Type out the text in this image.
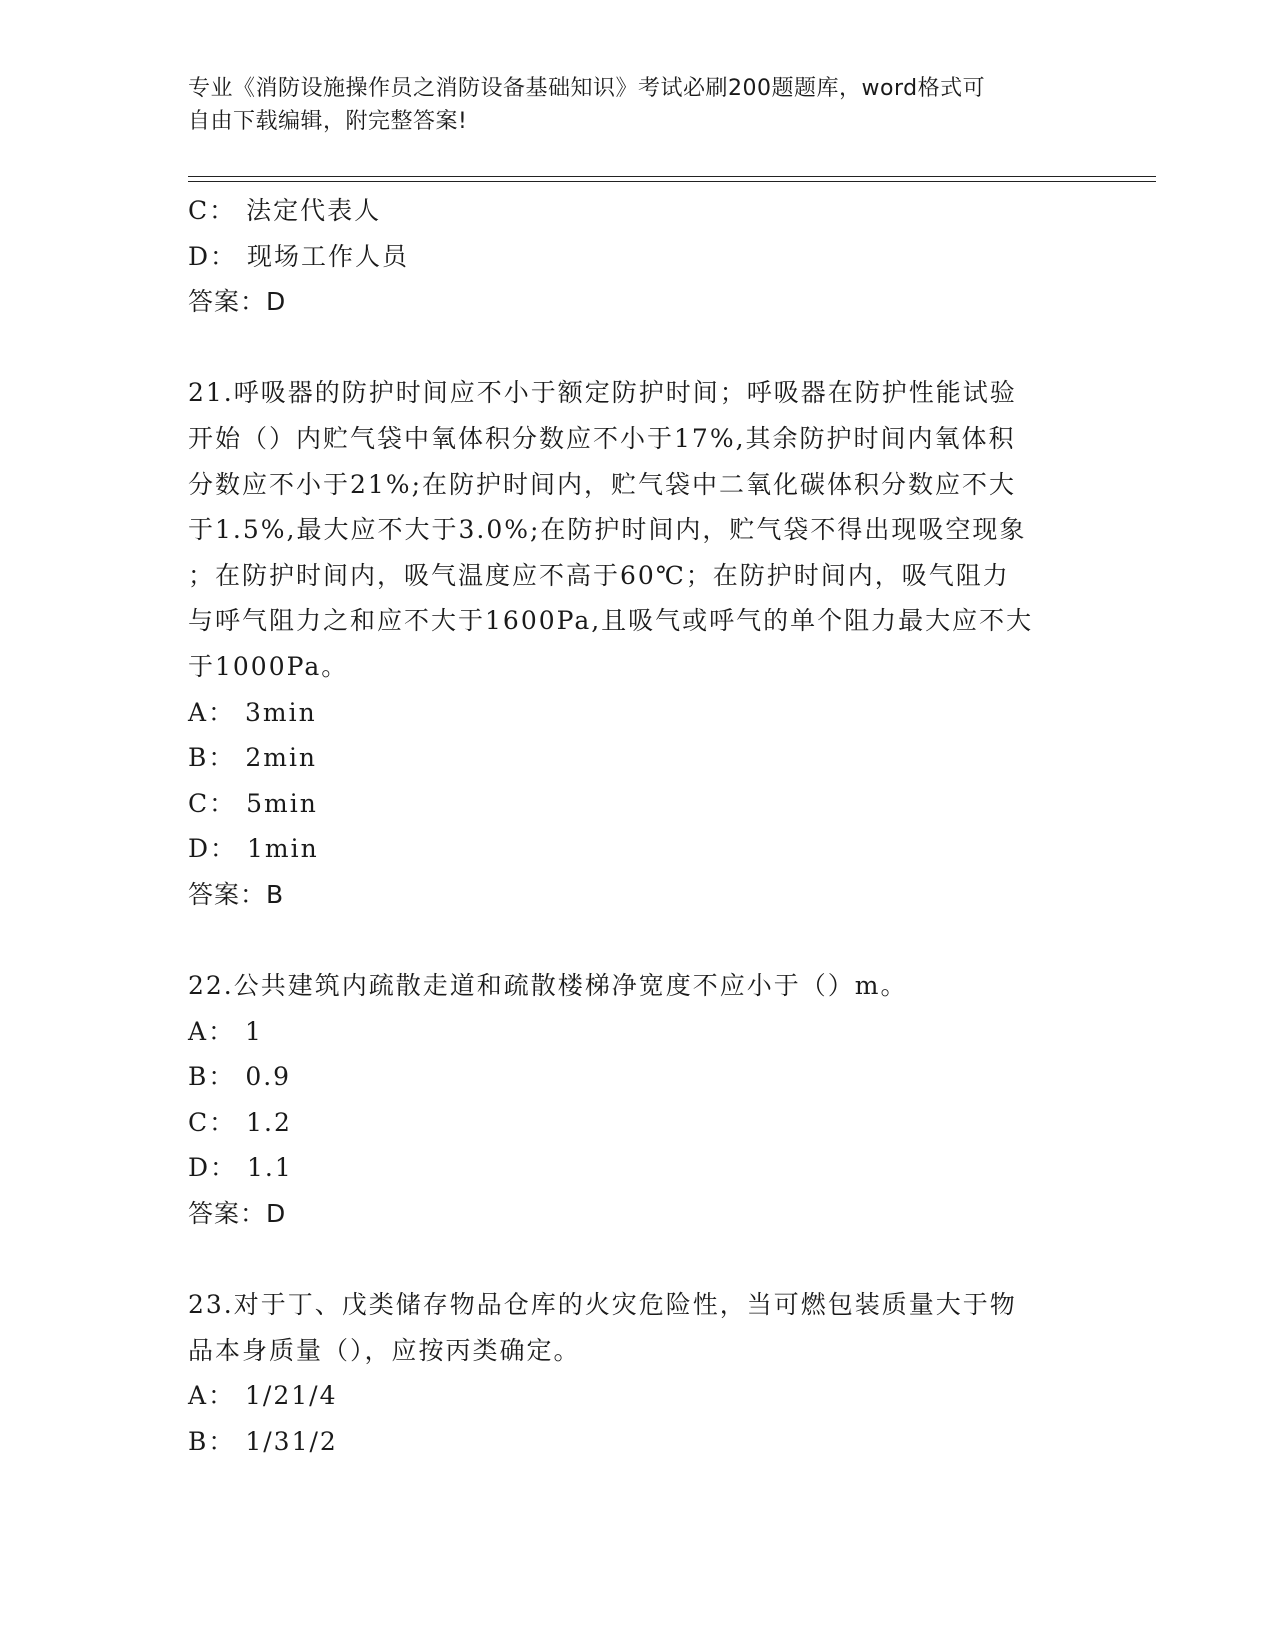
专业《消防设施操作员之消防设备基础知识》考试必刷200题题库，word格式可
自由下载编辑，附完整答案!
C： 法定代表人
D： 现场工作人员
答案：D
21.呼吸器的防护时间应不小于额定防护时间；呼吸器在防护性能试验
开始（）内贮气袋中氧体积分数应不小于17%,其余防护时间内氧体积
分数应不小于21%;在防护时间内，贮气袋中二氧化碳体积分数应不大
于1.5%,最大应不大于3.0%;在防护时间内，贮气袋不得出现吸空现象
；在防护时间内，吸气温度应不高于60℃；在防护时间内，吸气阻力
与呼气阻力之和应不大于1600Pa,且吸气或呼气的单个阻力最大应不大
于1000Pa。
A： 3min
B： 2min
C： 5min
D： 1min
答案：B
22.公共建筑内疏散走道和疏散楼梯净宽度不应小于（）m。
A： 1
B： 0.9
C： 1.2
D： 1.1
答案：D
23.对于丁、戊类储存物品仓库的火灾危险性，当可燃包装质量大于物
品本身质量（），应按丙类确定。
A： 1/21/4
B： 1/31/2
